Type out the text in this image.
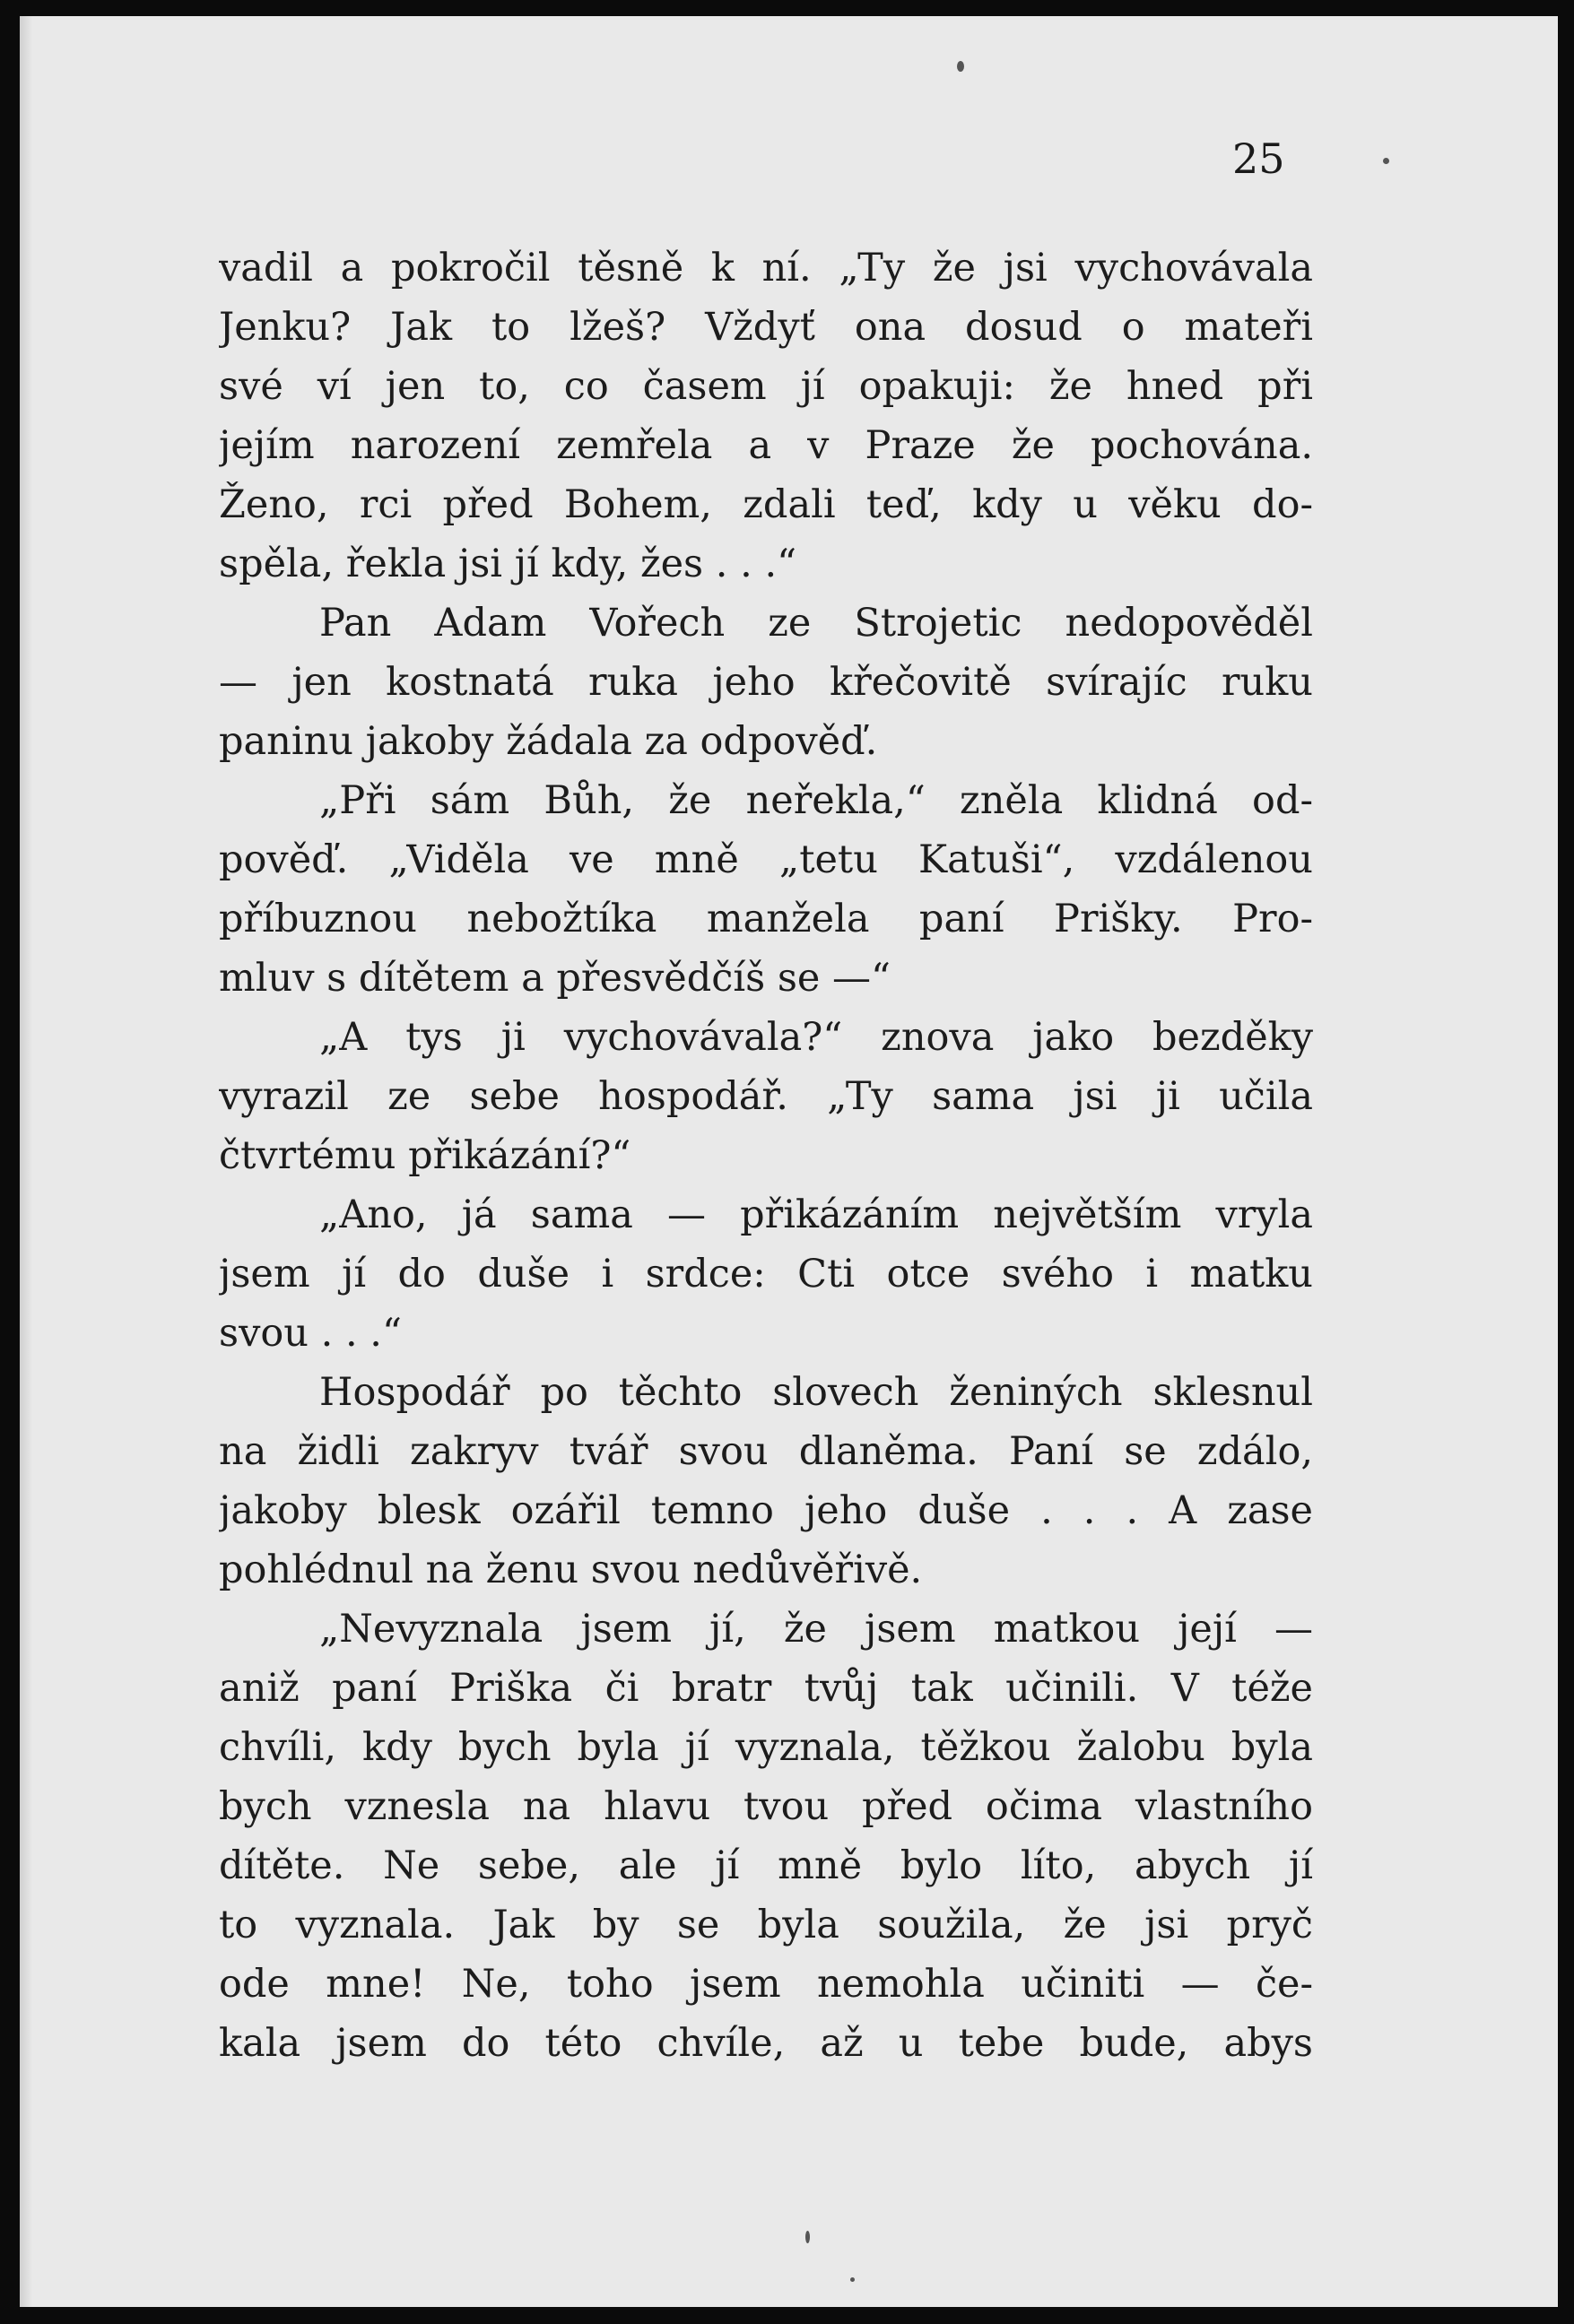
25
vadil a pokročil těsně k ní. „Ty že jsi vychovávala
Jenku? Jak to lžeš? Vždyť ona dosud o mateři
své ví jen to, co časem jí opakuji: že hned při
jejím narození zemřela a v Praze že pochována.
Ženo, rci před Bohem, zdali teď, kdy u věku do-
spěla, řekla jsi jí kdy, žes . . .“
Pan Adam Vořech ze Strojetic nedopověděl
— jen kostnatá ruka jeho křečovitě svírajíc ruku
paninu jakoby žádala za odpověď.
„Při sám Bůh, že neřekla,“ zněla klidná od-
pověď. „Viděla ve mně „tetu Katuši“, vzdálenou
příbuznou nebožtíka manžela paní Prišky. Pro-
mluv s dítětem a přesvědčíš se —“
„A tys ji vychovávala?“ znova jako bezděky
vyrazil ze sebe hospodář. „Ty sama jsi ji učila
čtvrtému přikázání?“
„Ano, já sama — přikázáním největším vryla
jsem jí do duše i srdce: Cti otce svého i matku
svou . . .“
Hospodář po těchto slovech ženiných sklesnul
na židli zakryv tvář svou dlaněma. Paní se zdálo,
jakoby blesk ozářil temno jeho duše . . . A zase
pohlédnul na ženu svou nedůvěřivě.
„Nevyznala jsem jí, že jsem matkou její —
aniž paní Priška či bratr tvůj tak učinili. V téže
chvíli, kdy bych byla jí vyznala, těžkou žalobu byla
bych vznesla na hlavu tvou před očima vlastního
dítěte. Ne sebe, ale jí mně bylo líto, abych jí
to vyznala. Jak by se byla soužila, že jsi pryč
ode mne! Ne, toho jsem nemohla učiniti — če-
kala jsem do této chvíle, až u tebe bude, abys
